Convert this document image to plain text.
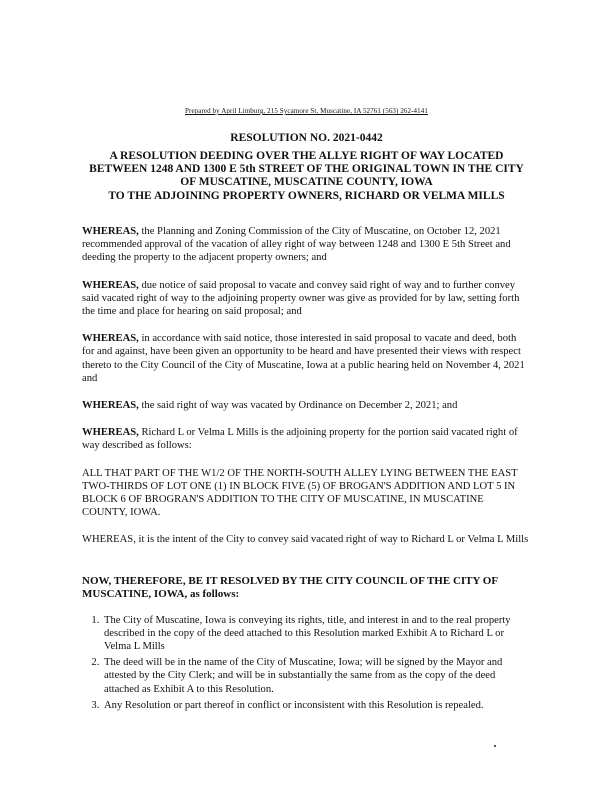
Prepared by April Limburg, 215 Sycamore St, Muscatine, IA 52761 (563) 262-4141
RESOLUTION NO. 2021-0442
A RESOLUTION DEEDING OVER THE ALLYE RIGHT OF WAY LOCATED
BETWEEN 1248 AND 1300 E 5th STREET OF THE ORIGINAL TOWN IN THE CITY
OF MUSCATINE, MUSCATINE COUNTY, IOWA
TO THE ADJOINING PROPERTY OWNERS, RICHARD OR VELMA MILLS

WHEREAS, the Planning and Zoning Commission of the City of Muscatine, on October 12, 2021 recommended approval of the vacation of alley right of way between 1248 and 1300 E 5th Street and deeding the property to the adjacent property owners; and

WHEREAS, due notice of said proposal to vacate and convey said right of way and to further convey said vacated right of way to the adjoining property owner was give as provided for by law, setting forth the time and place for hearing on said proposal; and

WHEREAS, in accordance with said notice, those interested in said proposal to vacate and deed, both for and against, have been given an opportunity to be heard and have presented their views with respect thereto to the City Council of the City of Muscatine, Iowa at a public hearing held on November 4, 2021 and

WHEREAS, the said right of way was vacated by Ordinance on December 2, 2021; and

WHEREAS, Richard L or Velma L Mills is the adjoining property for the portion said vacated right of way described as follows:

ALL THAT PART OF THE W1/2 OF THE NORTH-SOUTH ALLEY LYING BETWEEN THE EAST TWO-THIRDS OF LOT ONE (1) IN BLOCK FIVE (5) OF BROGAN'S ADDITION AND LOT 5 IN BLOCK 6 OF BROGRAN'S ADDITION TO THE CITY OF MUSCATINE, IN MUSCATINE COUNTY, IOWA.

WHEREAS, it is the intent of the City to convey said vacated right of way to Richard L or Velma L Mills

NOW, THEREFORE, BE IT RESOLVED BY THE CITY COUNCIL OF THE CITY OF MUSCATINE, IOWA, as follows:

1. The City of Muscatine, Iowa is conveying its rights, title, and interest in and to the real property described in the copy of the deed attached to this Resolution marked Exhibit A to Richard L or Velma L Mills
2. The deed will be in the name of the City of Muscatine, Iowa; will be signed by the Mayor and attested by the City Clerk; and will be in substantially the same from as the copy of the deed attached as Exhibit A to this Resolution.
3. Any Resolution or part thereof in conflict or inconsistent with this Resolution is repealed.
